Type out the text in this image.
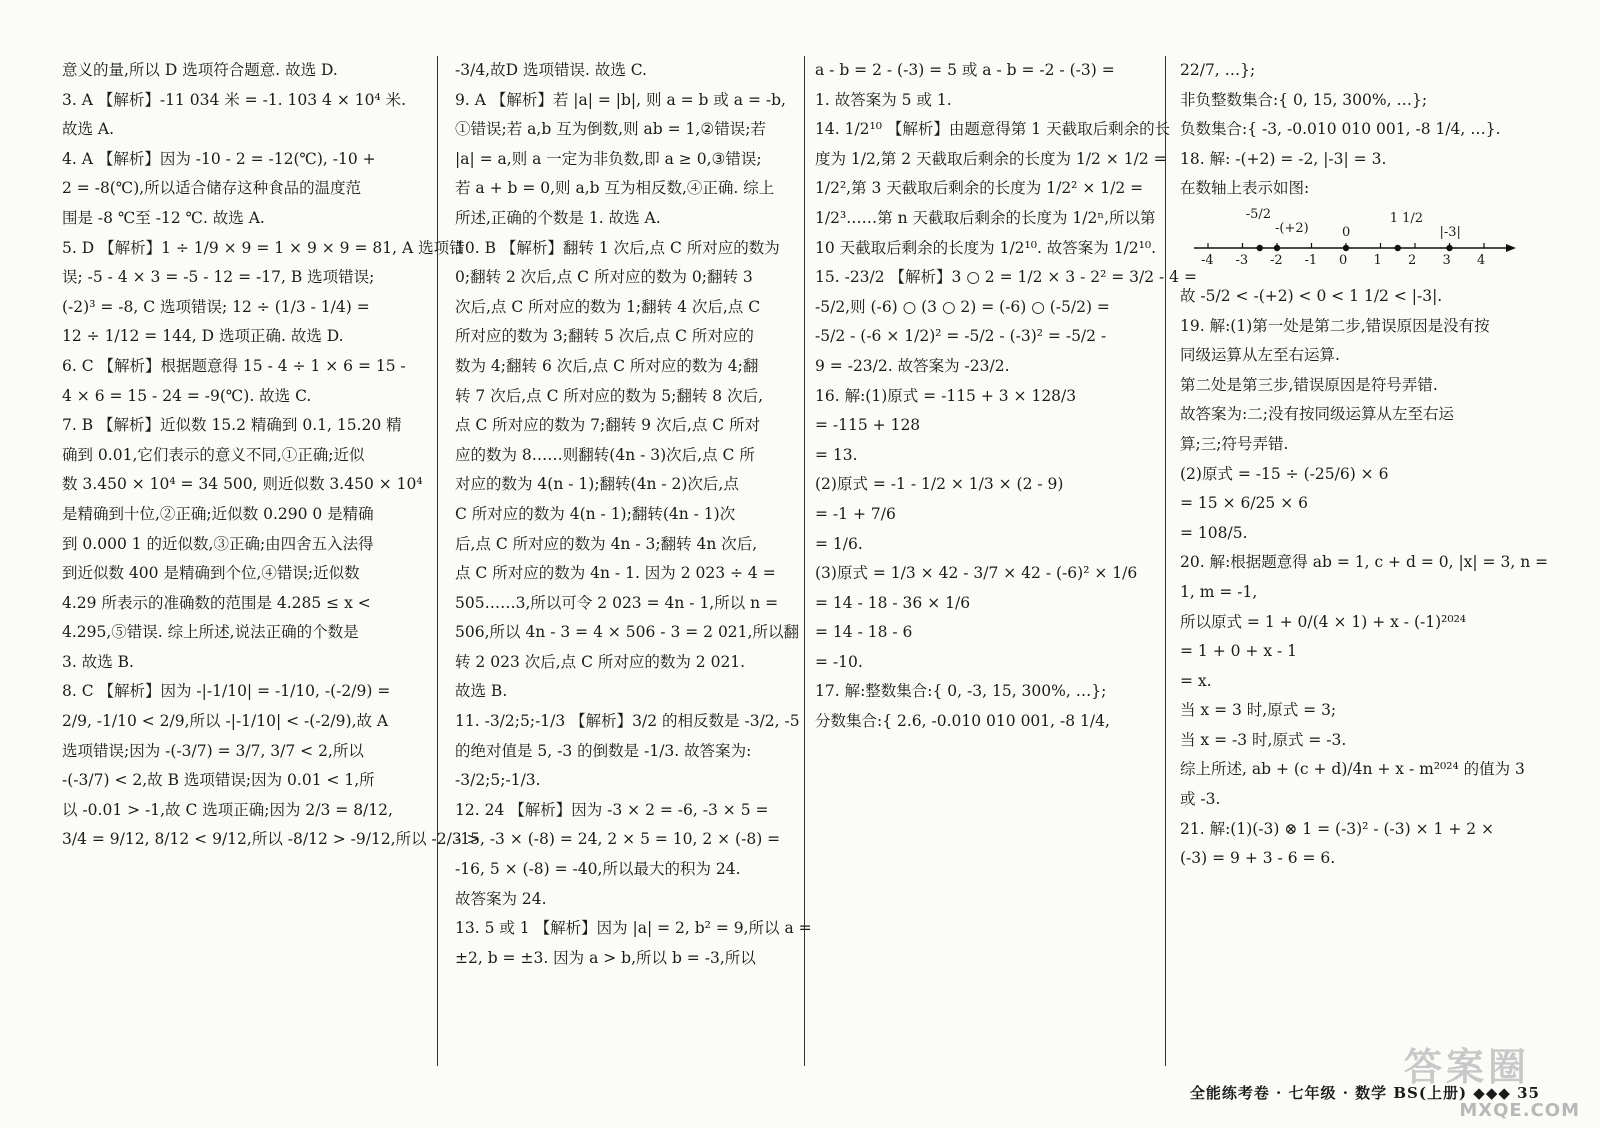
意义的量,所以 D 选项符合题意. 故选 D.

3. A 【解析】-11 034 米 = -1. 103 4 × 10⁴ 米.

故选 A.

4. A 【解析】因为 -10 - 2 = -12(℃), -10 +

2 = -8(℃),所以适合储存这种食品的温度范

围是 -8 ℃至 -12 ℃. 故选 A.

5. D 【解析】1 ÷ 1/9 × 9 = 1 × 9 × 9 = 81, A 选项错

误; -5 - 4 × 3 = -5 - 12 = -17, B 选项错误;

(-2)³ = -8, C 选项错误; 12 ÷ (1/3 - 1/4) =

12 ÷ 1/12 = 144, D 选项正确. 故选 D.

6. C 【解析】根据题意得 15 - 4 ÷ 1 × 6 = 15 -

4 × 6 = 15 - 24 = -9(℃). 故选 C.

7. B 【解析】近似数 15.2 精确到 0.1, 15.20 精

确到 0.01,它们表示的意义不同,①正确;近似

数 3.450 × 10⁴ = 34 500, 则近似数 3.450 × 10⁴

是精确到十位,②正确;近似数 0.290 0 是精确

到 0.000 1 的近似数,③正确;由四舍五入法得

到近似数 400 是精确到个位,④错误;近似数

4.29 所表示的准确数的范围是 4.285 ≤ x <

4.295,⑤错误. 综上所述,说法正确的个数是

3. 故选 B.

8. C 【解析】因为 -|-1/10| = -1/10, -(-2/9) =

2/9, -1/10 < 2/9,所以 -|-1/10| < -(-2/9),故 A

选项错误;因为 -(-3/7) = 3/7, 3/7 < 2,所以

-(-3/7) < 2,故 B 选项错误;因为 0.01 < 1,所

以 -0.01 > -1,故 C 选项正确;因为 2/3 = 8/12,

3/4 = 9/12, 8/12 < 9/12,所以 -8/12 > -9/12,所以 -2/3 >

-3/4,故D 选项错误. 故选 C.

9. A 【解析】若 |a| = |b|, 则 a = b 或 a = -b,

①错误;若 a,b 互为倒数,则 ab = 1,②错误;若

|a| = a,则 a 一定为非负数,即 a ≥ 0,③错误;

若 a + b = 0,则 a,b 互为相反数,④正确. 综上

所述,正确的个数是 1. 故选 A.

10. B 【解析】翻转 1 次后,点 C 所对应的数为

0;翻转 2 次后,点 C 所对应的数为 0;翻转 3

次后,点 C 所对应的数为 1;翻转 4 次后,点 C

所对应的数为 3;翻转 5 次后,点 C 所对应的

数为 4;翻转 6 次后,点 C 所对应的数为 4;翻

转 7 次后,点 C 所对应的数为 5;翻转 8 次后,

点 C 所对应的数为 7;翻转 9 次后,点 C 所对

应的数为 8……则翻转(4n - 3)次后,点 C 所

对应的数为 4(n - 1);翻转(4n - 2)次后,点

C 所对应的数为 4(n - 1);翻转(4n - 1)次

后,点 C 所对应的数为 4n - 3;翻转 4n 次后,

点 C 所对应的数为 4n - 1. 因为 2 023 ÷ 4 =

505……3,所以可令 2 023 = 4n - 1,所以 n =

506,所以 4n - 3 = 4 × 506 - 3 = 2 021,所以翻

转 2 023 次后,点 C 所对应的数为 2 021.

故选 B.

11. -3/2;5;-1/3 【解析】3/2 的相反数是 -3/2, -5

的绝对值是 5, -3 的倒数是 -1/3. 故答案为:

-3/2;5;-1/3.

12. 24 【解析】因为 -3 × 2 = -6, -3 × 5 =

-15, -3 × (-8) = 24, 2 × 5 = 10, 2 × (-8) =

-16, 5 × (-8) = -40,所以最大的积为 24.

故答案为 24.

13. 5 或 1 【解析】因为 |a| = 2, b² = 9,所以 a =

±2, b = ±3. 因为 a > b,所以 b = -3,所以

a - b = 2 - (-3) = 5 或 a - b = -2 - (-3) =

1. 故答案为 5 或 1.

14. 1/2¹⁰ 【解析】由题意得第 1 天截取后剩余的长

度为 1/2,第 2 天截取后剩余的长度为 1/2 × 1/2 =

1/2²,第 3 天截取后剩余的长度为 1/2² × 1/2 =

1/2³……第 n 天截取后剩余的长度为 1/2ⁿ,所以第

10 天截取后剩余的长度为 1/2¹⁰. 故答案为 1/2¹⁰.

15. -23/2 【解析】3 ○ 2 = 1/2 × 3 - 2² = 3/2 - 4 =

-5/2,则 (-6) ○ (3 ○ 2) = (-6) ○ (-5/2) =

-5/2 - (-6 × 1/2)² = -5/2 - (-3)² = -5/2 -

9 = -23/2. 故答案为 -23/2.

16. 解:(1)原式 = -115 + 3 × 128/3

= -115 + 128

= 13.

(2)原式 = -1 - 1/2 × 1/3 × (2 - 9)

= -1 + 7/6

= 1/6.

(3)原式 = 1/3 × 42 - 3/7 × 42 - (-6)² × 1/6

= 14 - 18 - 36 × 1/6

= 14 - 18 - 6

= -10.

17. 解:整数集合:{ 0, -3, 15, 300%, …};

分数集合:{ 2.6, -0.010 010 001, -8 1/4,

22/7, …};

非负整数集合:{ 0, 15, 300%, …};

负数集合:{ -3, -0.010 010 001, -8 1/4, …}.

18. 解: -(+2) = -2, |-3| = 3.

在数轴上表示如图:

-4 -3 -2 -1 0 1 2 3 4
-5/2
-(+2)	0
1 1/2
|-3|

故 -5/2 < -(+2) < 0 < 1 1/2 < |-3|.

19. 解:(1)第一处是第二步,错误原因是没有按

同级运算从左至右运算.

第二处是第三步,错误原因是符号弄错.

故答案为:二;没有按同级运算从左至右运

算;三;符号弄错.

(2)原式 = -15 ÷ (-25/6) × 6

= 15 × 6/25 × 6

= 108/5.

20. 解:根据题意得 ab = 1, c + d = 0, |x| = 3, n =

1, m = -1,

所以原式 = 1 + 0/(4 × 1) + x - (-1)²⁰²⁴

= 1 + 0 + x - 1

= x.

当 x = 3 时,原式 = 3;

当 x = -3 时,原式 = -3.

综上所述, ab + (c + d)/4n + x - m²⁰²⁴ 的值为 3

或 -3.

21. 解:(1)(-3) ⊗ 1 = (-3)² - (-3) × 1 + 2 ×

(-3) = 9 + 3 - 6 = 6.

全能练考卷 · 七年级 · 数学 BS(上册) ◆◆◆ 35
答案圈
MXQE.COM
